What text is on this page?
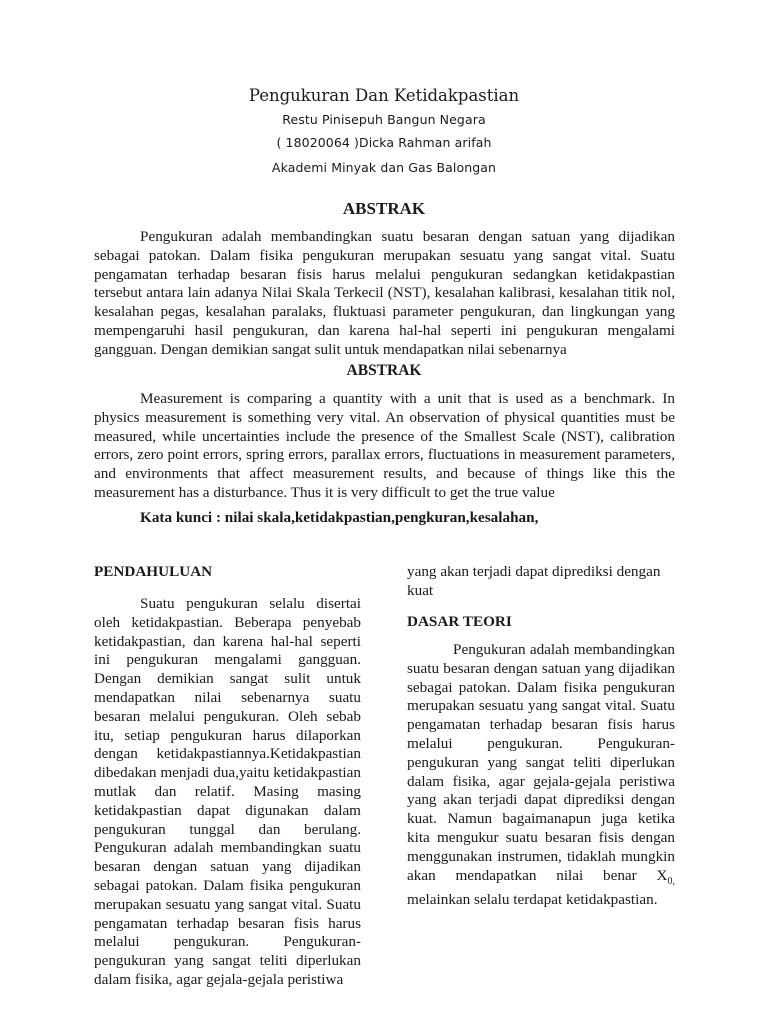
Pengukuran Dan Ketidakpastian
Restu Pinisepuh Bangun Negara
( 18020064 )Dicka Rahman arifah
Akademi Minyak dan Gas Balongan
ABSTRAK
Pengukuran adalah membandingkan suatu besaran dengan satuan yang dijadikan sebagai patokan. Dalam fisika pengukuran merupakan sesuatu yang sangat vital. Suatu pengamatan terhadap besaran fisis harus melalui pengukuran sedangkan ketidakpastian tersebut antara lain adanya Nilai Skala Terkecil (NST), kesalahan kalibrasi, kesalahan titik nol, kesalahan pegas, kesalahan paralaks, fluktuasi parameter pengukuran, dan lingkungan yang mempengaruhi hasil pengukuran, dan karena hal-hal seperti ini pengukuran mengalami gangguan. Dengan demikian sangat sulit untuk mendapatkan nilai sebenarnya
ABSTRAK
Measurement is comparing a quantity with a unit that is used as a benchmark. In physics measurement is something very vital. An observation of physical quantities must be measured, while uncertainties include the presence of the Smallest Scale (NST), calibration errors, zero point errors, spring errors, parallax errors, fluctuations in measurement parameters, and environments that affect measurement results, and because of things like this the measurement has a disturbance. Thus it is very difficult to get the true value
Kata kunci : nilai skala,ketidakpastian,pengkuran,kesalahan,
PENDAHULUAN
Suatu pengukuran selalu disertai oleh ketidakpastian. Beberapa penyebab ketidakpastian, dan karena hal-hal seperti ini pengukuran mengalami gangguan. Dengan demikian sangat sulit untuk mendapatkan nilai sebenarnya suatu besaran melalui pengukuran. Oleh sebab itu, setiap pengukuran harus dilaporkan dengan ketidakpastiannya.Ketidakpastian dibedakan menjadi dua,yaitu ketidakpastian mutlak dan relatif. Masing masing ketidakpastian dapat digunakan dalam pengukuran tunggal dan berulang. Pengukuran adalah membandingkan suatu besaran dengan satuan yang dijadikan sebagai patokan. Dalam fisika pengukuran merupakan sesuatu yang sangat vital. Suatu pengamatan terhadap besaran fisis harus melalui pengukuran. Pengukuran-pengukuran yang sangat teliti diperlukan dalam fisika, agar gejala-gejala peristiwa
yang akan terjadi dapat diprediksi dengan kuat
DASAR TEORI
Pengukuran adalah membandingkan suatu besaran dengan satuan yang dijadikan sebagai patokan. Dalam fisika pengukuran merupakan sesuatu yang sangat vital. Suatu pengamatan terhadap besaran fisis harus melalui pengukuran. Pengukuran-pengukuran yang sangat teliti diperlukan dalam fisika, agar gejala-gejala peristiwa yang akan terjadi dapat diprediksi dengan kuat. Namun bagaimanapun juga ketika kita mengukur suatu besaran fisis dengan menggunakan instrumen, tidaklah mungkin akan mendapatkan nilai benar $X_{0,}$ melainkan selalu terdapat ketidakpastian.
